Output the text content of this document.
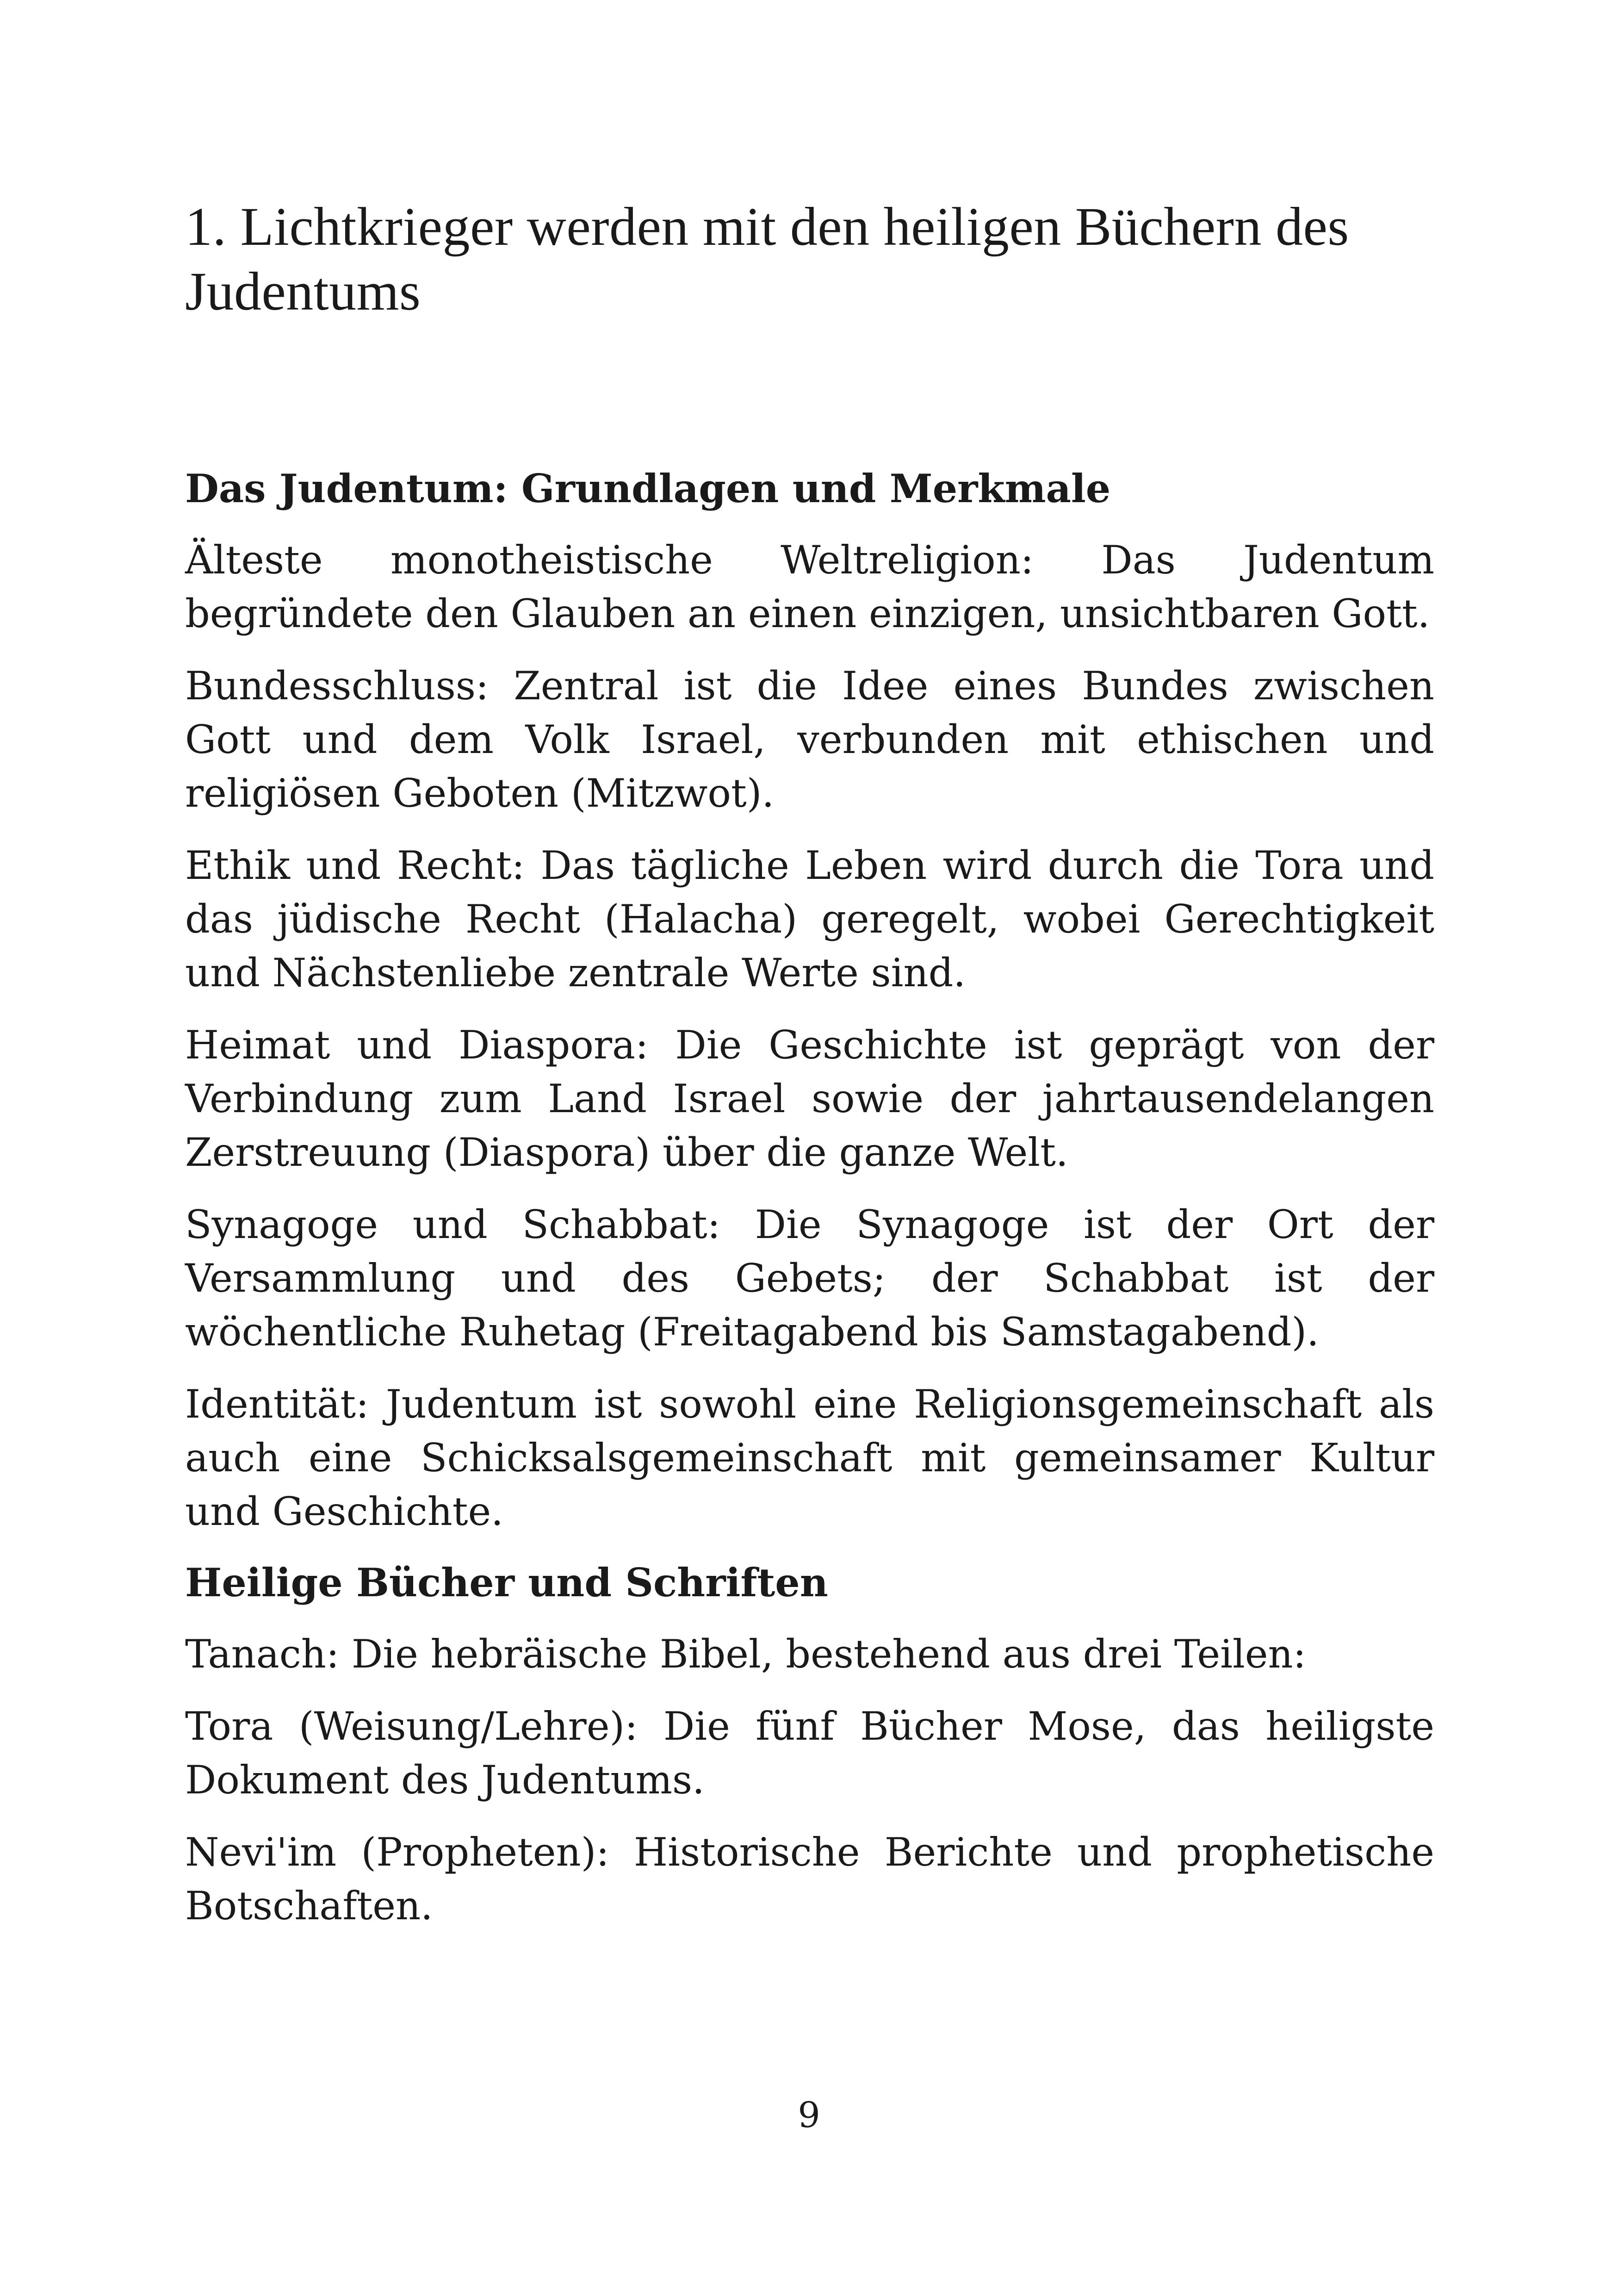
1. Lichtkrieger werden mit den heiligen Büchern des Judentums
Das Judentum: Grundlagen und Merkmale

Älteste monotheistische Weltreligion: Das Judentum begründete den Glauben an einen einzigen, unsichtbaren Gott.

Bundesschluss: Zentral ist die Idee eines Bundes zwischen Gott und dem Volk Israel, verbunden mit ethischen und religiösen Geboten (Mitzwot).

Ethik und Recht: Das tägliche Leben wird durch die Tora und das jüdische Recht (Halacha) geregelt, wobei Gerechtigkeit und Nächstenliebe zentrale Werte sind.

Heimat und Diaspora: Die Geschichte ist geprägt von der Verbindung zum Land Israel sowie der jahrtausendelangen Zerstreuung (Diaspora) über die ganze Welt.

Synagoge und Schabbat: Die Synagoge ist der Ort der Versammlung und des Gebets; der Schabbat ist der wöchentliche Ruhetag (Freitagabend bis Samstagabend).

Identität: Judentum ist sowohl eine Religionsgemeinschaft als auch eine Schicksalsgemeinschaft mit gemeinsamer Kultur und Geschichte.

Heilige Bücher und Schriften

Tanach: Die hebräische Bibel, bestehend aus drei Teilen:

Tora (Weisung/Lehre): Die fünf Bücher Mose, das heiligste Dokument des Judentums.

Nevi'im (Propheten): Historische Berichte und prophetische Botschaften.

9
